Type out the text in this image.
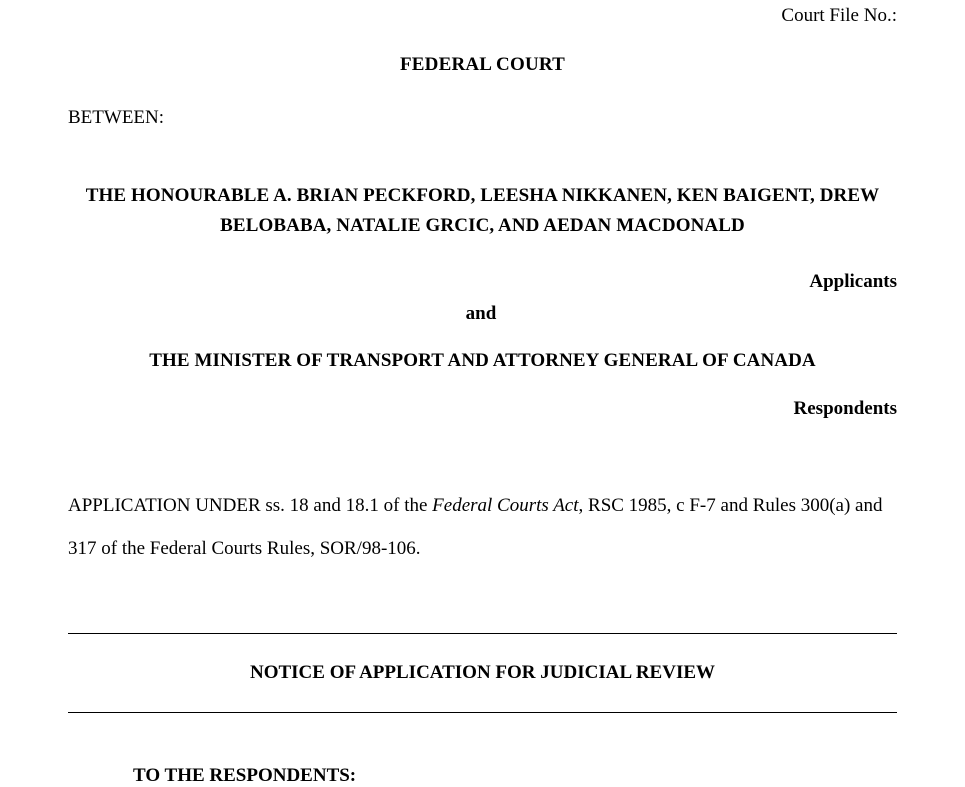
Court File No.:
FEDERAL COURT
BETWEEN:
THE HONOURABLE A. BRIAN PECKFORD, LEESHA NIKKANEN, KEN BAIGENT, DREW BELOBABA, NATALIE GRCIC, AND AEDAN MACDONALD
Applicants
and
THE MINISTER OF TRANSPORT AND ATTORNEY GENERAL OF CANADA
Respondents
APPLICATION UNDER ss. 18 and 18.1 of the Federal Courts Act, RSC 1985, c F-7 and Rules 300(a) and 317 of the Federal Courts Rules, SOR/98-106.
NOTICE OF APPLICATION FOR JUDICIAL REVIEW
TO THE RESPONDENTS:
